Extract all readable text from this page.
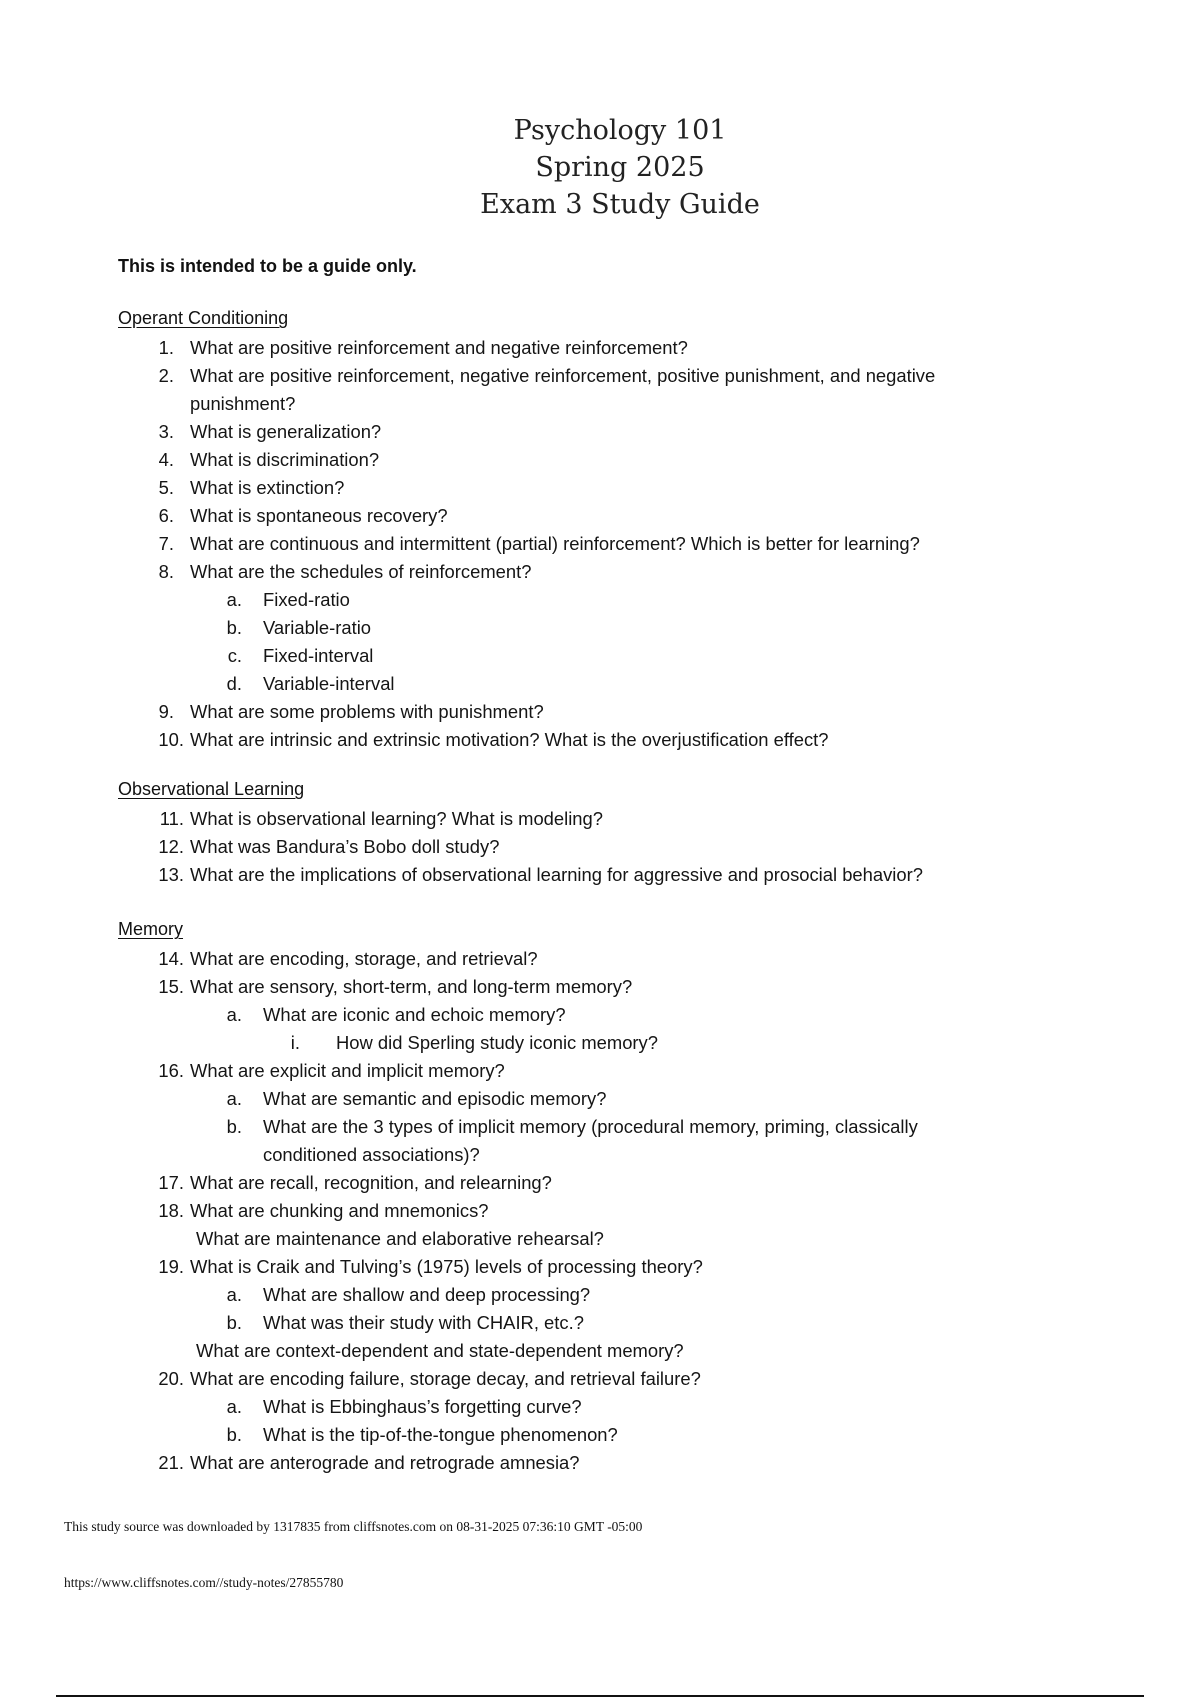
Psychology 101
Spring 2025
Exam 3 Study Guide
This is intended to be a guide only.
Operant Conditioning
1. What are positive reinforcement and negative reinforcement?
2. What are positive reinforcement, negative reinforcement, positive punishment, and negative
punishment?
3. What is generalization?
4. What is discrimination?
5. What is extinction?
6. What is spontaneous recovery?
7. What are continuous and intermittent (partial) reinforcement? Which is better for learning?
8. What are the schedules of reinforcement?
a. Fixed-ratio
b. Variable-ratio
c. Fixed-interval
d. Variable-interval
9. What are some problems with punishment?
10. What are intrinsic and extrinsic motivation? What is the overjustification effect?
Observational Learning
11. What is observational learning? What is modeling?
12. What was Bandura’s Bobo doll study?
13. What are the implications of observational learning for aggressive and prosocial behavior?
Memory
14. What are encoding, storage, and retrieval?
15. What are sensory, short-term, and long-term memory?
a. What are iconic and echoic memory?
i. How did Sperling study iconic memory?
16. What are explicit and implicit memory?
a. What are semantic and episodic memory?
b. What are the 3 types of implicit memory (procedural memory, priming, classically
conditioned associations)?
17. What are recall, recognition, and relearning?
18. What are chunking and mnemonics?
What are maintenance and elaborative rehearsal?
19. What is Craik and Tulving’s (1975) levels of processing theory?
a. What are shallow and deep processing?
b. What was their study with CHAIR, etc.?
What are context-dependent and state-dependent memory?
20. What are encoding failure, storage decay, and retrieval failure?
a. What is Ebbinghaus’s forgetting curve?
b. What is the tip-of-the-tongue phenomenon?
21. What are anterograde and retrograde amnesia?
This study source was downloaded by 1317835 from cliffsnotes.com on 08-31-2025 07:36:10 GMT -05:00
https://www.cliffsnotes.com//study-notes/27855780
